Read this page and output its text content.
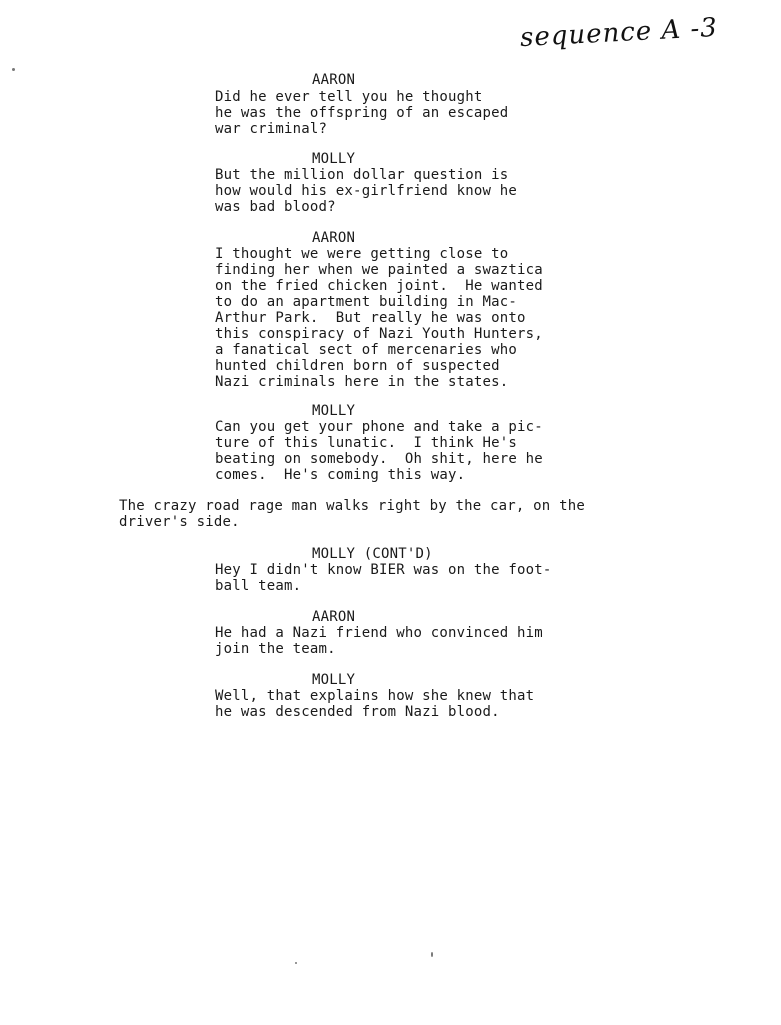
sequence A -3
AARON
Did he ever tell you he thought
he was the offspring of an escaped
war criminal?
MOLLY
But the million dollar question is
how would his ex-girlfriend know he
was bad blood?
AARON
I thought we were getting close to
finding her when we painted a swaztica
on the fried chicken joint.  He wanted
to do an apartment building in Mac-
Arthur Park.  But really he was onto
this conspiracy of Nazi Youth Hunters,
a fanatical sect of mercenaries who
hunted children born of suspected
Nazi criminals here in the states.
MOLLY
Can you get your phone and take a pic-
ture of this lunatic.  I think He's
beating on somebody.  Oh shit, here he
comes.  He's coming this way.
The crazy road rage man walks right by the car, on the
driver's side.
MOLLY (CONT'D)
Hey I didn't know BIER was on the foot-
ball team.
AARON
He had a Nazi friend who convinced him
join the team.
MOLLY
Well, that explains how she knew that
he was descended from Nazi blood.
